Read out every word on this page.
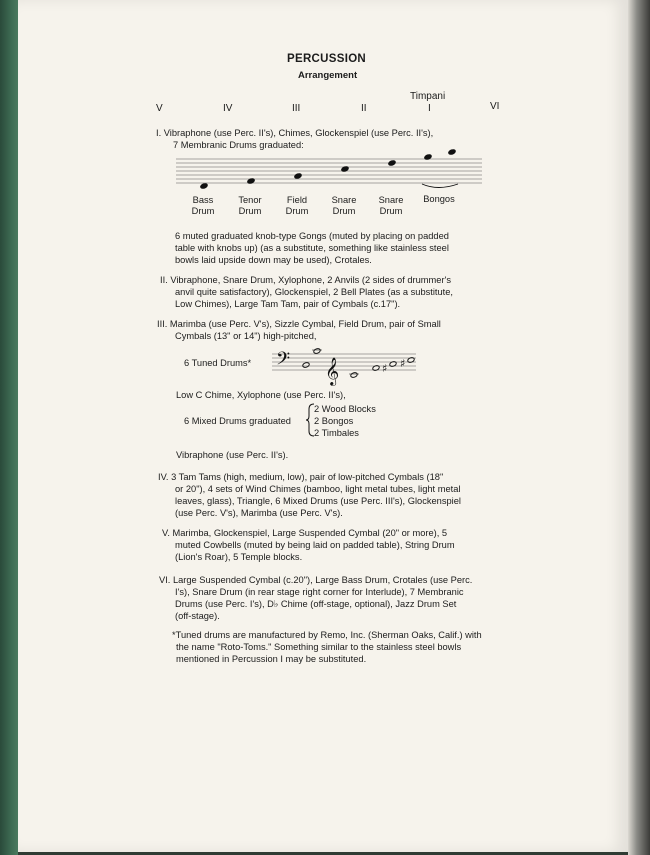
PERCUSSION
Arrangement
Timpani
V	IV	III	II	I	VI
I. Vibraphone (use Perc. II's), Chimes, Glockenspiel (use Perc. II's),
7 Membranic Drums graduated:
Bass
Drum
Tenor
Drum
Field
Drum
Snare
Drum
Snare
Drum
Bongos
6 muted graduated knob-type Gongs (muted by placing on padded
table with knobs up) (as a substitute, something like stainless steel
bowls laid upside down may be used), Crotales.
II. Vibraphone, Snare Drum, Xylophone, 2 Anvils (2 sides of drummer's
anvil quite satisfactory), Glockenspiel, 2 Bell Plates (as a substitute,
Low Chimes), Large Tam Tam, pair of Cymbals (c.17").
III. Marimba (use Perc. V's), Sizzle Cymbal, Field Drum, pair of Small
Cymbals (13" or 14") high-pitched,
6 Tuned Drums* 𝄢 𝄞	♯ ♯
Low C Chime, Xylophone (use Perc. II's),
6 Mixed Drums graduated
2 Wood Blocks
2 Bongos
2 Timbales
Vibraphone (use Perc. II's).
IV. 3 Tam Tams (high, medium, low), pair of low-pitched Cymbals (18"
or 20"), 4 sets of Wind Chimes (bamboo, light metal tubes, light metal
leaves, glass), Triangle, 6 Mixed Drums (use Perc. III's), Glockenspiel
(use Perc. V's), Marimba (use Perc. V's).
V. Marimba, Glockenspiel, Large Suspended Cymbal (20" or more), 5
muted Cowbells (muted by being laid on padded table), String Drum
(Lion's Roar), 5 Temple blocks.
VI. Large Suspended Cymbal (c.20"), Large Bass Drum, Crotales (use Perc.
I's), Snare Drum (in rear stage right corner for Interlude), 7 Membranic
Drums (use Perc. I's), D♭ Chime (off-stage, optional), Jazz Drum Set
(off-stage).
*Tuned drums are manufactured by Remo, Inc. (Sherman Oaks, Calif.) with
the name "Roto-Toms." Something similar to the stainless steel bowls
mentioned in Percussion I may be substituted.
